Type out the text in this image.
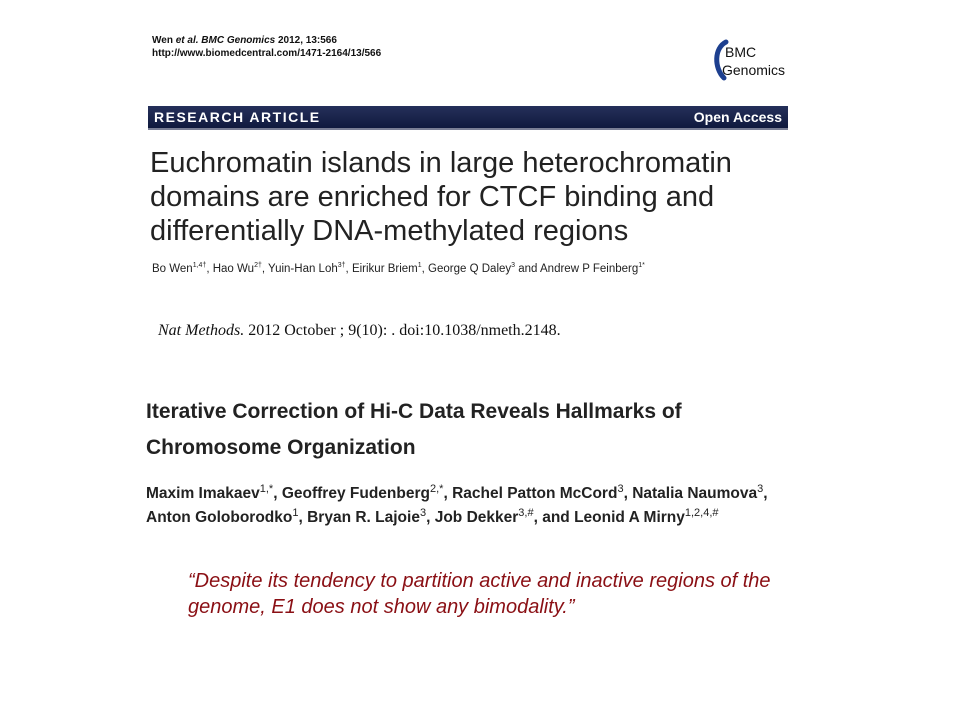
Wen et al. BMC Genomics 2012, 13:566
http://www.biomedcentral.com/1471-2164/13/566	BMC
Genomics
RESEARCH ARTICLE	Open Access
Euchromatin islands in large heterochromatin domains are enriched for CTCF binding and differentially DNA-methylated regions
Bo Wen$^{1,4\dagger}$, Hao $Wu^{2\dagger}$, Yuin-Han Loh$^{3\dagger}$, Eirikur Briem$^1$, George Q Daley$^3$ and Andrew P Feinberg$^{1*}$
Nat Methods. 2012 October ; 9(10): . doi:10.1038/nmeth.2148.
Iterative Correction of Hi-C Data Reveals Hallmarks of
Chromosome Organization
Maxim Imakaev$^{1,*}$, Geoffrey Fudenberg$^{2,*}$, Rachel Patton McCord$^3$, Natalia Naumova$^3$,
Anton Goloborodko$^1$, Bryan R. Lajoie$^3$, Job Dekker$^{3,\#}$, and Leonid A Mirny$^{1,2,4,\#}$
“Despite its tendency to partition active and inactive regions of the genome, E1 does not show any bimodality.”
